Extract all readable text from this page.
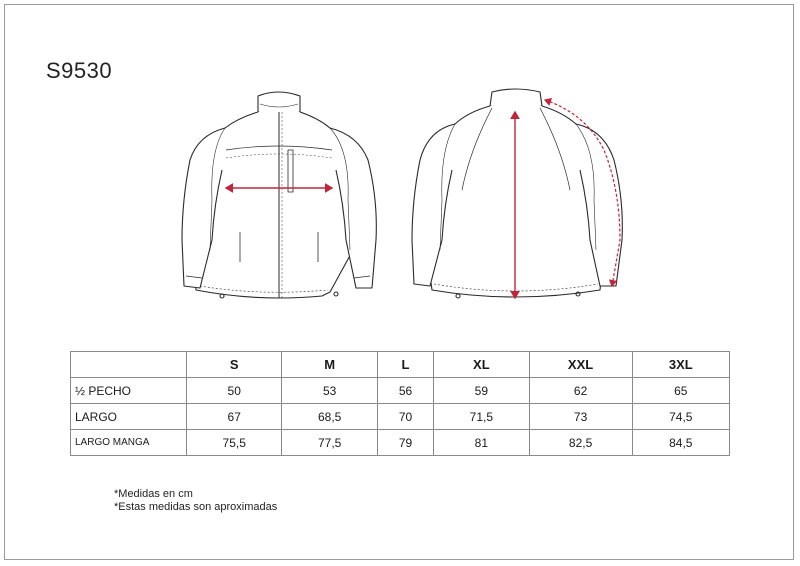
S9530
	S	M	L	XL	XXL	3XL
½ PECHO	50	53	56	59	62	65
LARGO	67	68,5	70	71,5	73	74,5
LARGO MANGA	75,5	77,5	79	81	82,5	84,5
*Medidas en cm
*Estas medidas son aproximadas
